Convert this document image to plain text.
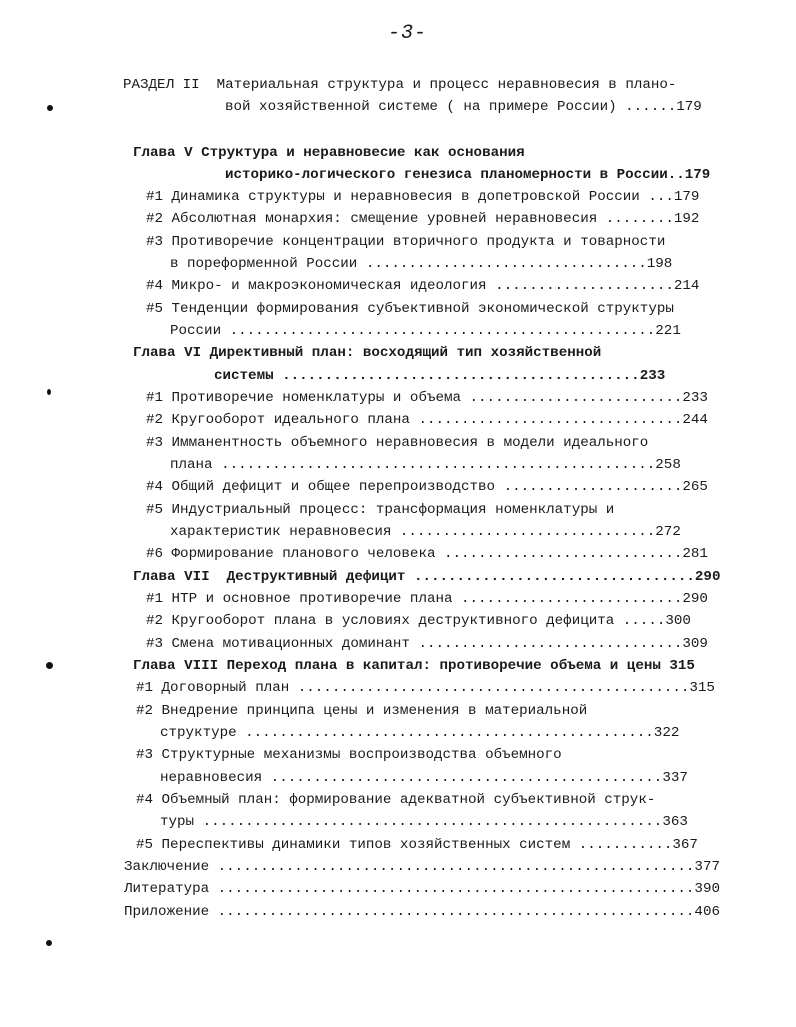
-3-
РАЗДЕЛ II  Материальная структура и процесс неравновесия в плано-
вой хозяйственной системе ( на примере России) ......179
Глава V Структура и неравновесие как основания
историко-логического генезиса планомерности в России..179
#1 Динамика структуры и неравновесия в допетровской России ...179
#2 Абсолютная монархия: смещение уровней неравновесия ........192
#3 Противоречие концентрации вторичного продукта и товарности
в пореформенной России .................................198
#4 Микро- и макроэкономическая идеология .....................214
#5 Тенденции формирования субъективной экономической структуры
России ..................................................221
Глава VI Директивный план: восходящий тип хозяйственной
системы ..........................................233
#1 Противоречие номенклатуры и объема .........................233
#2 Кругооборот идеального плана ...............................244
#3 Имманентность объемного неравновесия в модели идеального
плана ...................................................258
#4 Общий дефицит и общее перепроизводство .....................265
#5 Индустриальный процесс: трансформация номенклатуры и
характеристик неравновесия ..............................272
#6 Формирование планового человека ............................281
Глава VII  Деструктивный дефицит .................................290
#1 НТР и основное противоречие плана ..........................290
#2 Кругооборот плана в условиях деструктивного дефицита .....300
#3 Смена мотивационных доминант ...............................309
Глава VIII Переход плана в капитал: противоречие объема и цены 315
#1 Договорный план ..............................................315
#2 Внедрение принципа цены и изменения в материальной
структуре ................................................322
#3 Структурные механизмы воспроизводства объемного
неравновесия ..............................................337
#4 Объемный план: формирование адекватной субъективной струк-
туры ......................................................363
#5 Переспективы динамики типов хозяйственных систем ...........367
Заключение ........................................................377
Литература ........................................................390
Приложение ........................................................406
